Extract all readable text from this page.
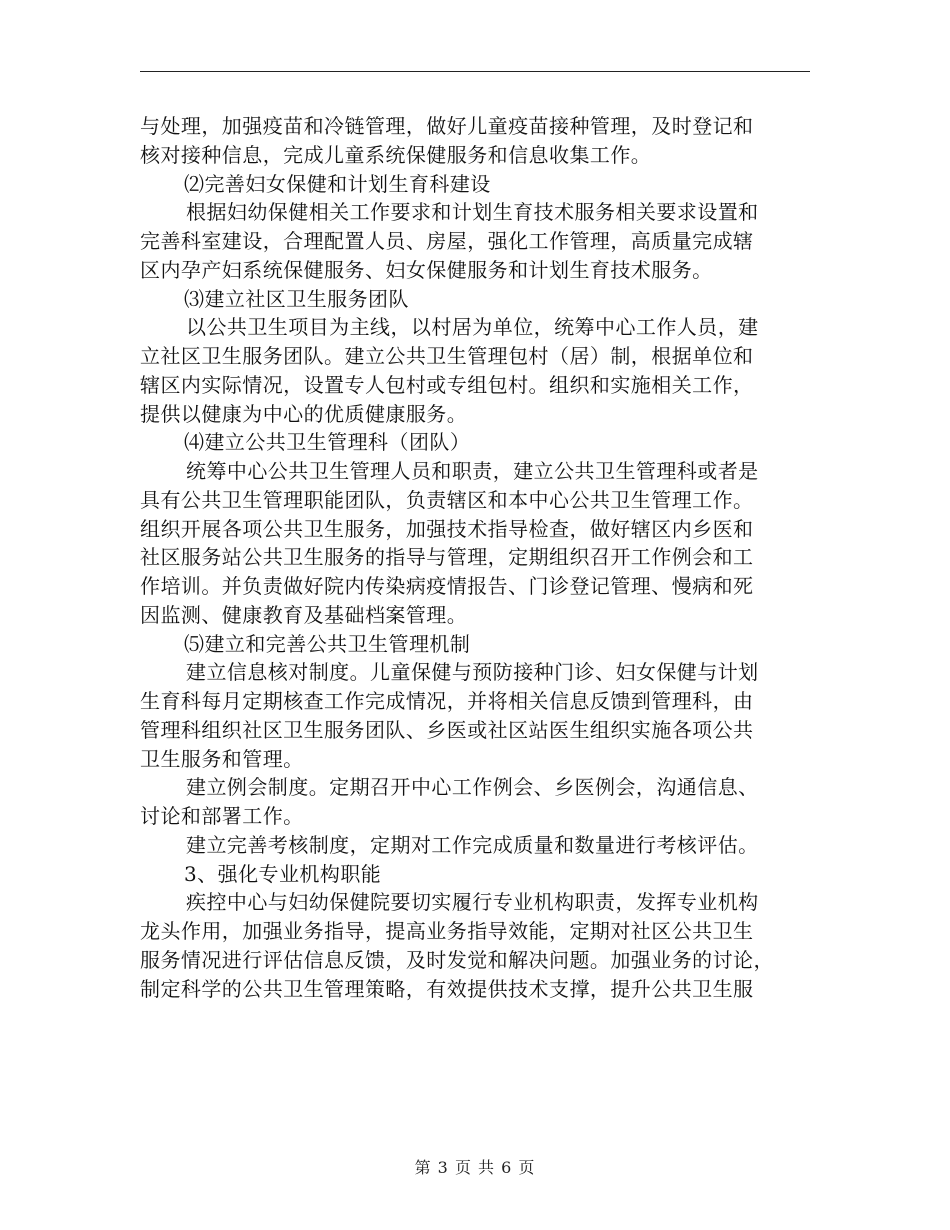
与处理，加强疫苗和冷链管理，做好儿童疫苗接种管理，及时登记和
核对接种信息，完成儿童系统保健服务和信息收集工作。
⑵完善妇女保健和计划生育科建设
根据妇幼保健相关工作要求和计划生育技术服务相关要求设置和
完善科室建设，合理配置人员、房屋，强化工作管理，高质量完成辖
区内孕产妇系统保健服务、妇女保健服务和计划生育技术服务。
⑶建立社区卫生服务团队
以公共卫生项目为主线，以村居为单位，统筹中心工作人员，建
立社区卫生服务团队。建立公共卫生管理包村（居）制，根据单位和
辖区内实际情况，设置专人包村或专组包村。组织和实施相关工作，
提供以健康为中心的优质健康服务。
⑷建立公共卫生管理科（团队）
统筹中心公共卫生管理人员和职责，建立公共卫生管理科或者是
具有公共卫生管理职能团队，负责辖区和本中心公共卫生管理工作。
组织开展各项公共卫生服务，加强技术指导检查，做好辖区内乡医和
社区服务站公共卫生服务的指导与管理，定期组织召开工作例会和工
作培训。并负责做好院内传染病疫情报告、门诊登记管理、慢病和死
因监测、健康教育及基础档案管理。
⑸建立和完善公共卫生管理机制
建立信息核对制度。儿童保健与预防接种门诊、妇女保健与计划
生育科每月定期核查工作完成情况，并将相关信息反馈到管理科，由
管理科组织社区卫生服务团队、乡医或社区站医生组织实施各项公共
卫生服务和管理。
建立例会制度。定期召开中心工作例会、乡医例会，沟通信息、
讨论和部署工作。
建立完善考核制度，定期对工作完成质量和数量进行考核评估。
3、强化专业机构职能
疾控中心与妇幼保健院要切实履行专业机构职责，发挥专业机构
龙头作用，加强业务指导，提高业务指导效能，定期对社区公共卫生
服务情况进行评估信息反馈，及时发觉和解决问题。加强业务的讨论，
制定科学的公共卫生管理策略，有效提供技术支撑，提升公共卫生服
第 3 页 共 6 页
